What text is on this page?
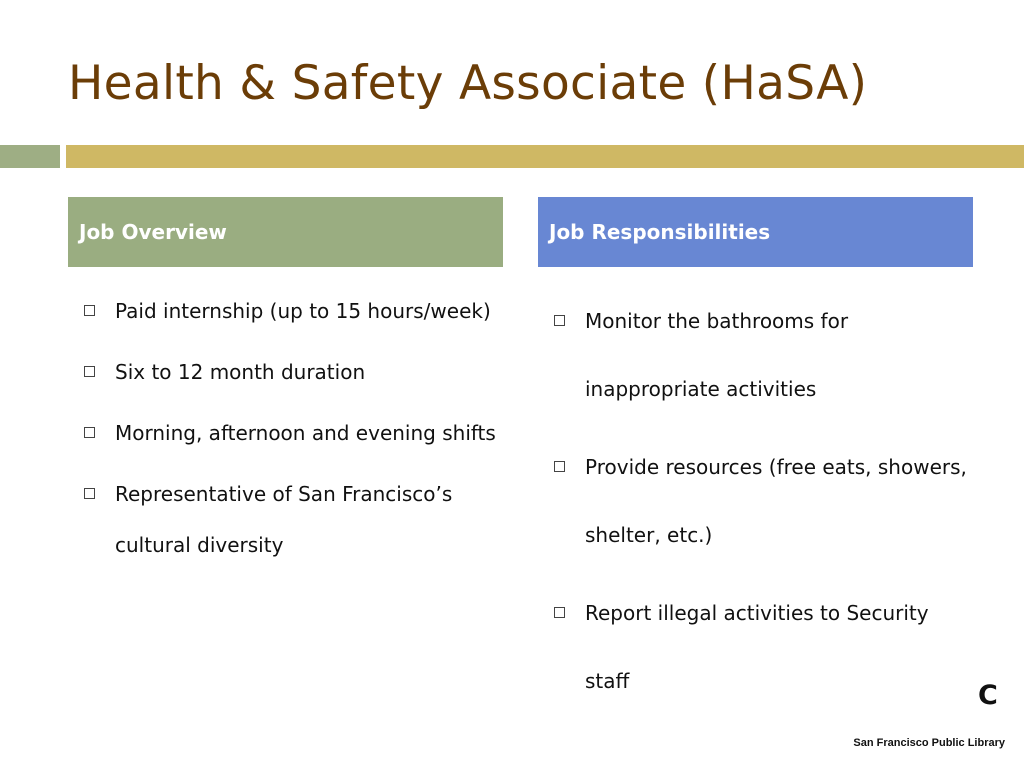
Health & Safety Associate (HaSA)
Job Overview	Job Responsibilities
Paid internship (up to 15 hours/week)
Six to 12 month duration
Morning, afternoon and evening shifts
Representative of San Francisco’s cultural diversity
Monitor the bathrooms for inappropriate activities
Provide resources (free eats, showers, shelter, etc.)
Report illegal activities to Security staff	C
San Francisco Public Library
